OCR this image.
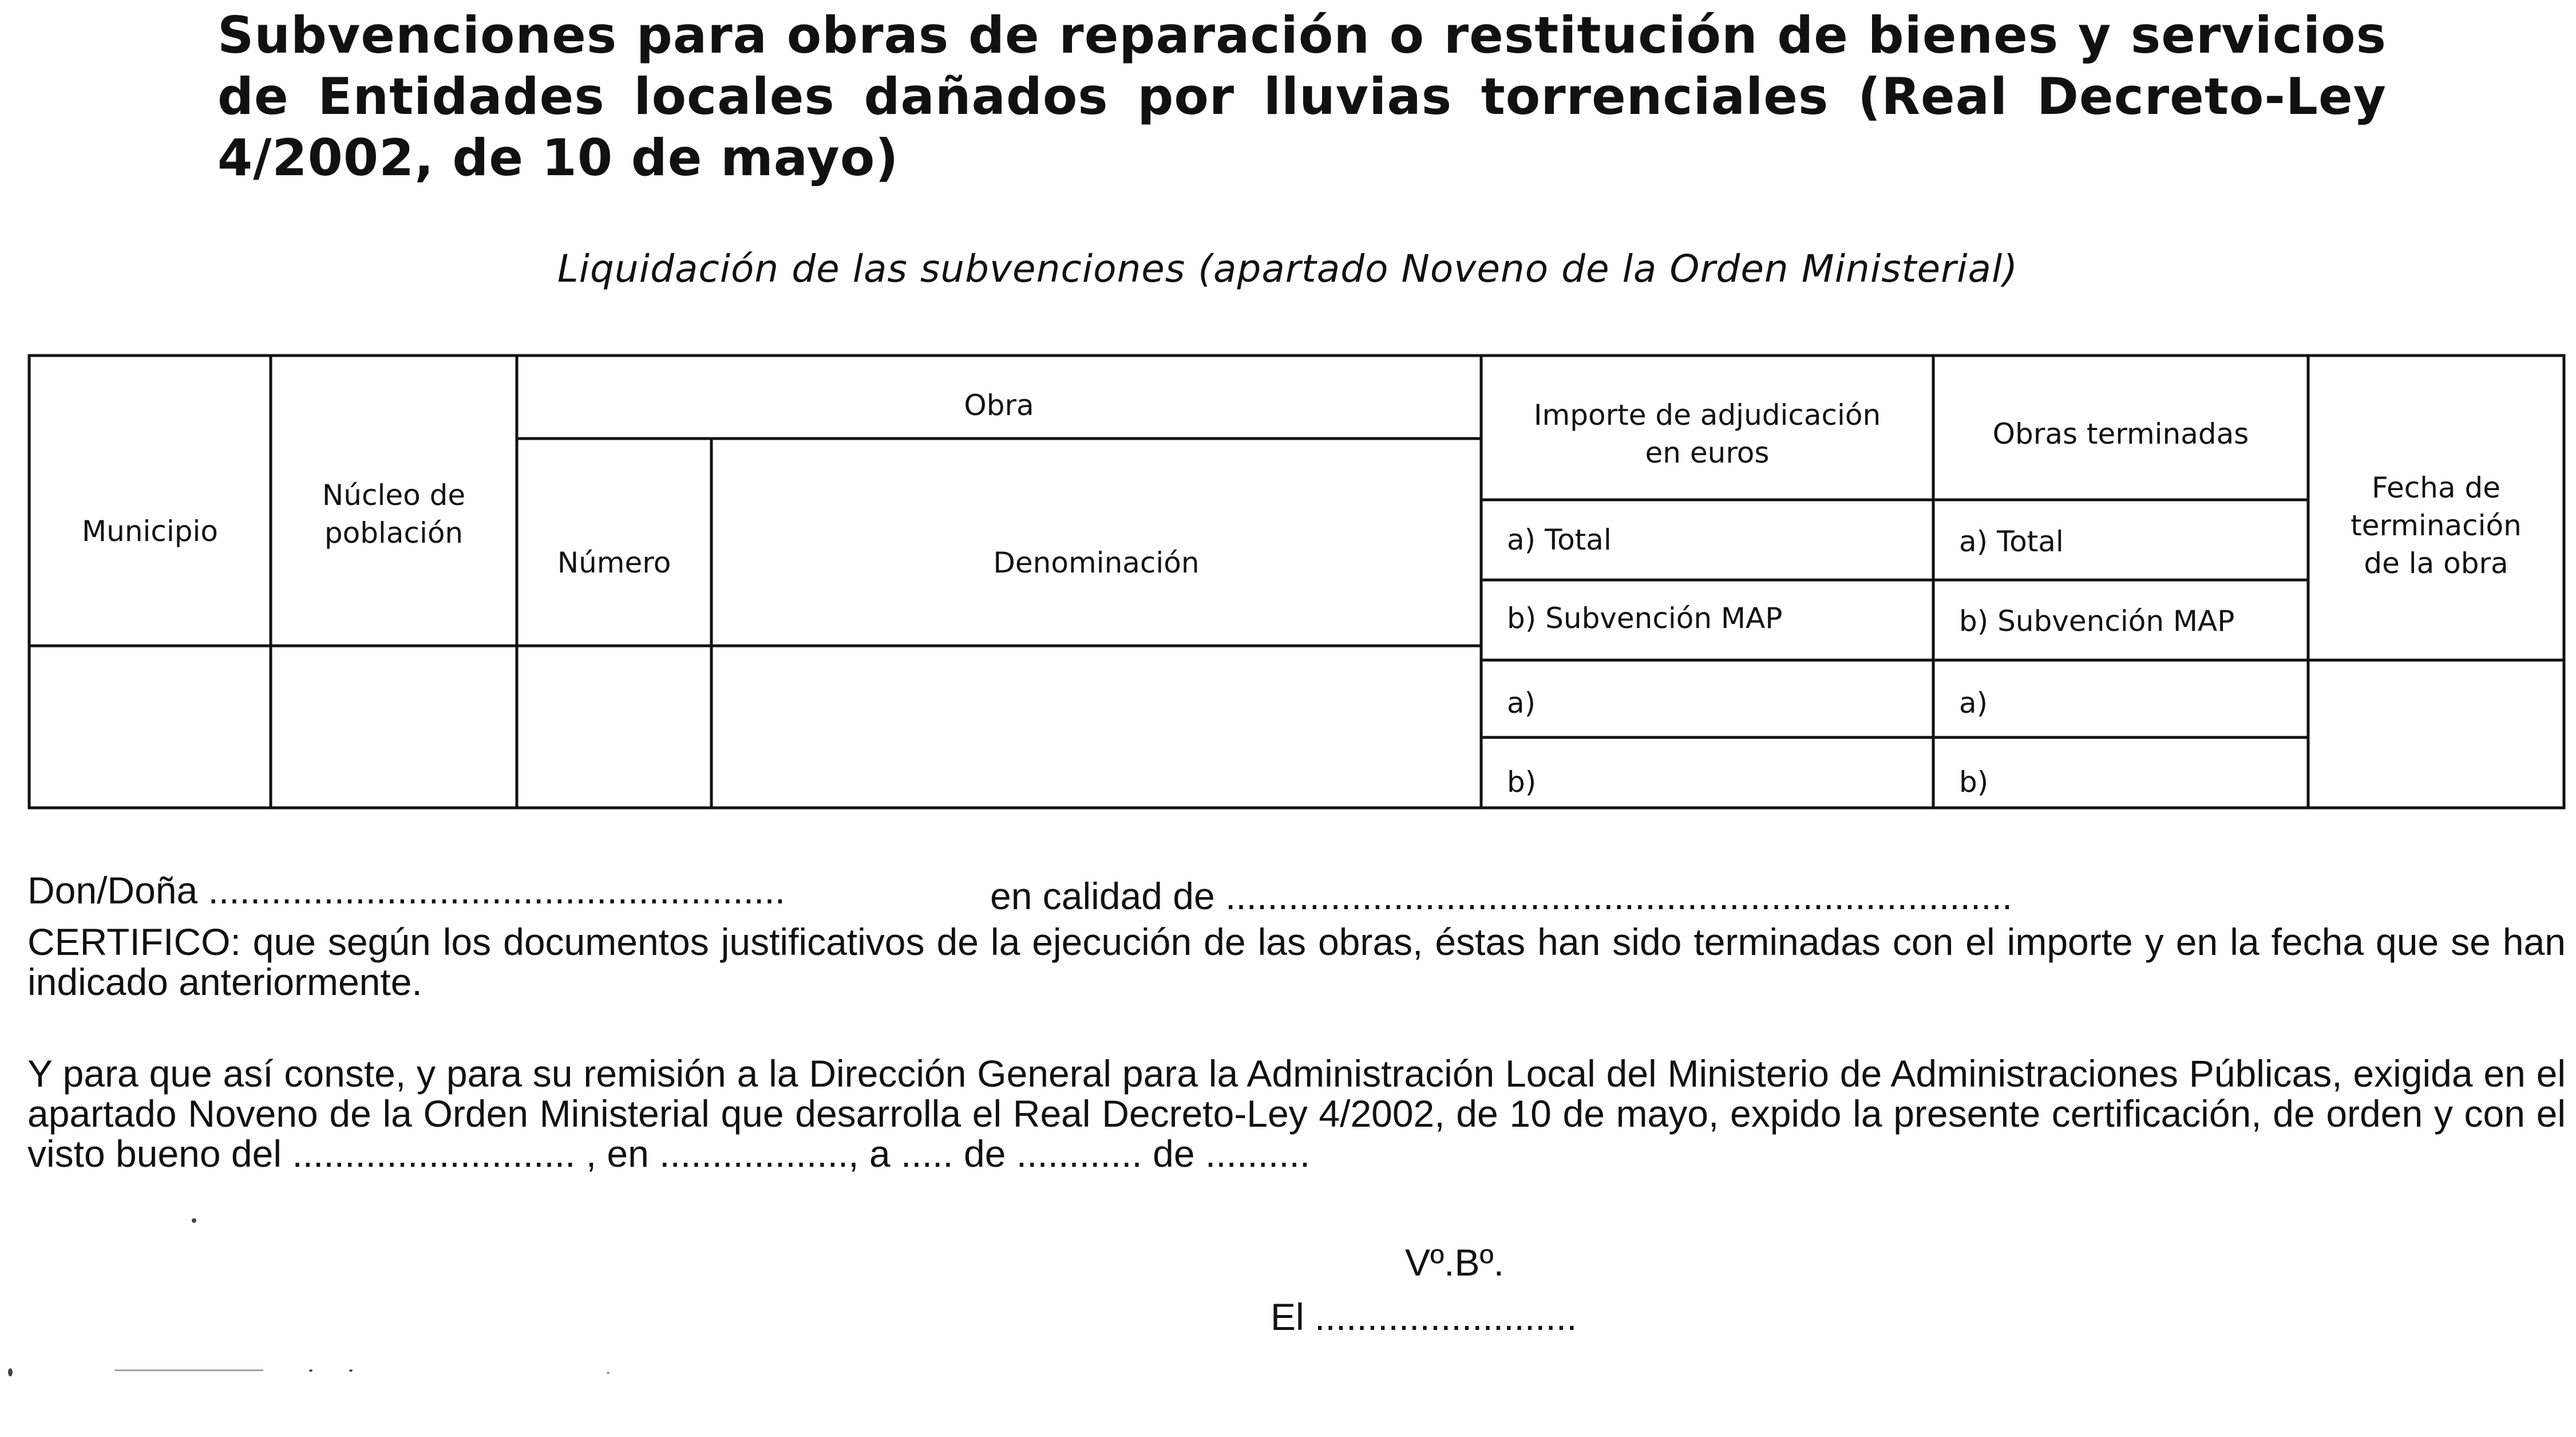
Subvenciones para obras de reparación o restitución de bienes y servicios de Entidades locales dañados por lluvias torrenciales (Real Decreto-Ley 4/2002, de 10 de mayo)

Liquidación de las subvenciones (apartado Noveno de la Orden Ministerial)

Municipio
Núcleo de
población
Obra
Número	Denominación
Importe de adjudicación
en euros
Obras terminadas
Fecha de
terminación
de la obra
a) Total
b) Subvención MAP
a) Total
b) Subvención MAP
a)
b)
a)
b)
Don/Doña .......................................................	en calidad de ...........................................................................

CERTIFICO: que según los documentos justificativos de la ejecución de las obras, éstas han sido terminadas con el importe y en la fecha que se han indicado anteriormente.

Y para que así conste, y para su remisión a la Dirección General para la Administración Local del Ministerio de Administraciones Públicas, exigida en el apartado Noveno de la Orden Ministerial que desarrolla el Real Decreto-Ley 4/2002, de 10 de mayo, expido la presente certificación, de orden y con el visto bueno del ........................... , en .................., a ..... de ............ de ..........

Vº.Bº.
El .........................
